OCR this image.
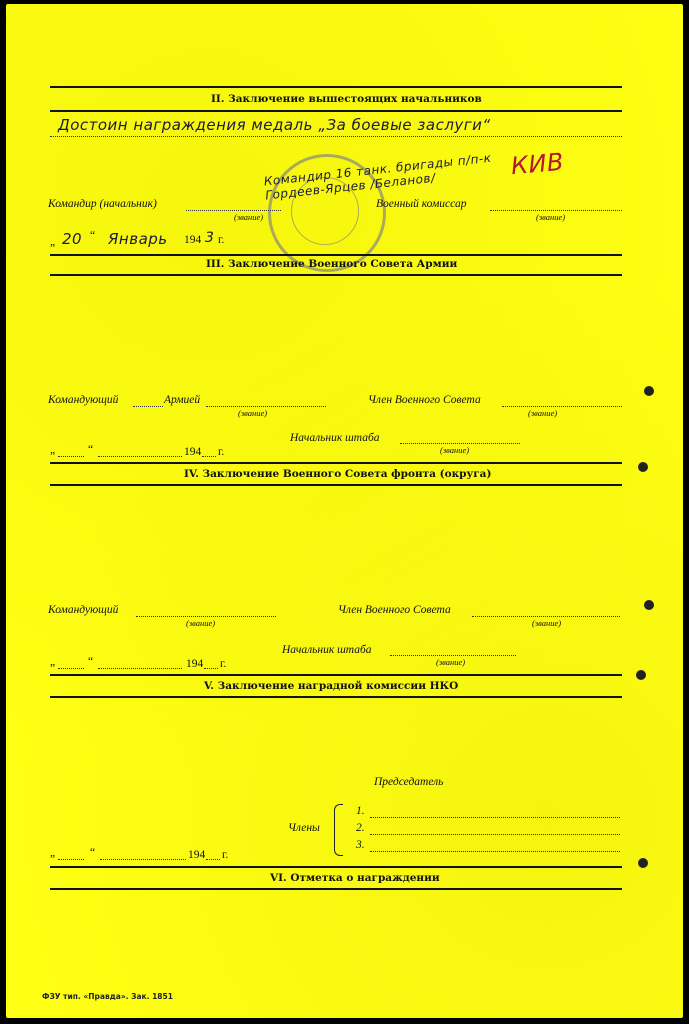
II. Заключение вышестоящих начальников
Достоин награждения медаль „За боевые заслуги“
Командир 16 танк. бригады п/п-к Гордеев-Ярцев /Беланов/
КИВ
Командир (начальник)
(звание)
Военный комиссар
(звание)
„ 20 “ Январь 194 3 г.
III. Заключение Военного Совета Армии
Командующий	Армией
(звание)
Член Военного Совета
(звание)
Начальник штаба
(звание)
„	“	194 г.
IV. Заключение Военного Совета фронта (округа)
Командующий
(звание)
Член Военного Совета
(звание)
Начальник штаба
(звание)
„	“	194 г.
V. Заключение наградной комиссии НКО
Председатель
Члены
1.
2.
3.
„	“	194 г.
VI. Отметка о награждении
ФЗУ тип. «Правда». Зак. 1851
